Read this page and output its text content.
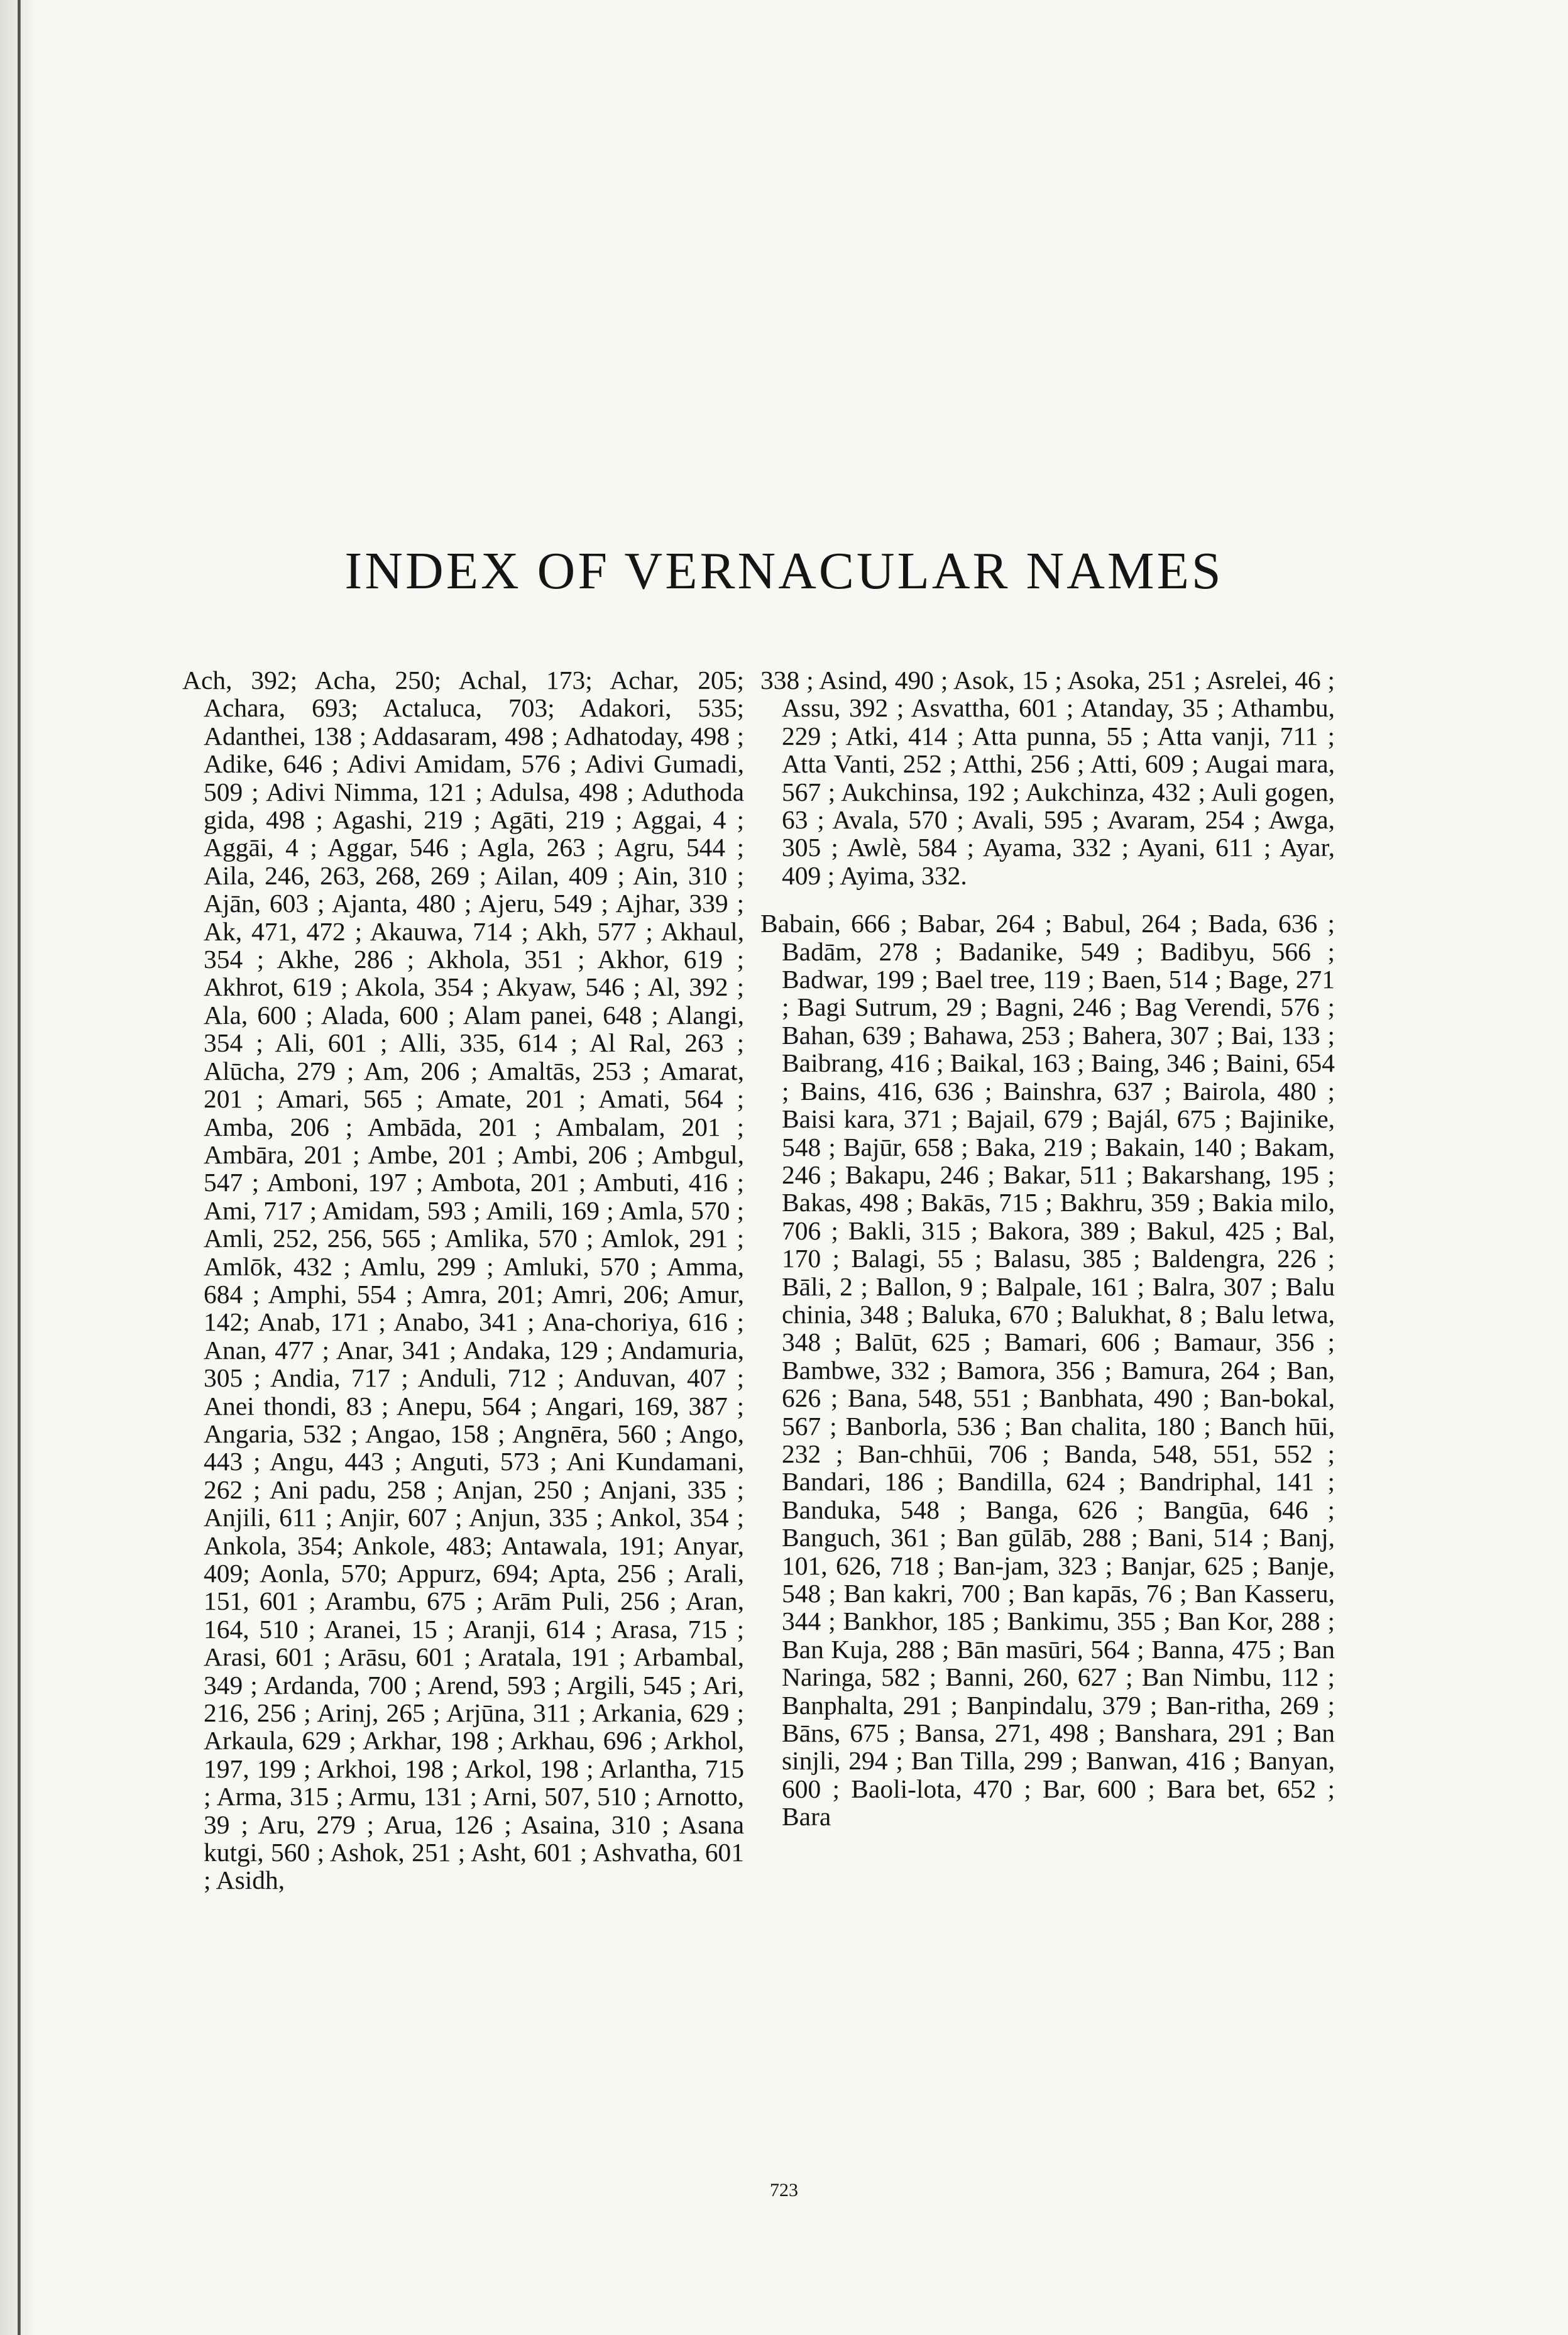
INDEX OF VERNACULAR NAMES

Ach, 392; Acha, 250; Achal, 173; Achar, 205; Achara, 693; Actaluca, 703; Adakori, 535; Adanthei, 138 ; Addasaram, 498 ; Adhatoday, 498 ; Adike, 646 ; Adivi Amidam, 576 ; Adivi Gumadi, 509 ; Adivi Nimma, 121 ; Adulsa, 498 ; Aduthoda gida, 498 ; Agashi, 219 ; Agāti, 219 ; Aggai, 4 ; Aggāi, 4 ; Aggar, 546 ; Agla, 263 ; Agru, 544 ; Aila, 246, 263, 268, 269 ; Ailan, 409 ; Ain, 310 ; Ajān, 603 ; Ajanta, 480 ; Ajeru, 549 ; Ajhar, 339 ; Ak, 471, 472 ; Akauwa, 714 ; Akh, 577 ; Akhaul, 354 ; Akhe, 286 ; Akhola, 351 ; Akhor, 619 ; Akhrot, 619 ; Akola, 354 ; Akyaw, 546 ; Al, 392 ; Ala, 600 ; Alada, 600 ; Alam panei, 648 ; Alangi, 354 ; Ali, 601 ; Alli, 335, 614 ; Al Ral, 263 ; Alūcha, 279 ; Am, 206 ; Amaltās, 253 ; Amarat, 201 ; Amari, 565 ; Amate, 201 ; Amati, 564 ; Amba, 206 ; Ambāda, 201 ; Ambalam, 201 ; Ambāra, 201 ; Ambe, 201 ; Ambi, 206 ; Ambgul, 547 ; Amboni, 197 ; Ambota, 201 ; Ambuti, 416 ; Ami, 717 ; Amidam, 593 ; Amili, 169 ; Amla, 570 ; Amli, 252, 256, 565 ; Amlika, 570 ; Amlok, 291 ; Amlōk, 432 ; Amlu, 299 ; Amluki, 570 ; Amma, 684 ; Amphi, 554 ; Amra, 201; Amri, 206; Amur, 142; Anab, 171 ; Anabo, 341 ; Ana-choriya, 616 ; Anan, 477 ; Anar, 341 ; Andaka, 129 ; Andamuria, 305 ; Andia, 717 ; Anduli, 712 ; Anduvan, 407 ; Anei thondi, 83 ; Anepu, 564 ; Angari, 169, 387 ; Angaria, 532 ; Angao, 158 ; Angnēra, 560 ; Ango, 443 ; Angu, 443 ; Anguti, 573 ; Ani Kundamani, 262 ; Ani padu, 258 ; Anjan, 250 ; Anjani, 335 ; Anjili, 611 ; Anjir, 607 ; Anjun, 335 ; Ankol, 354 ; Ankola, 354; Ankole, 483; Antawala, 191; Anyar, 409; Aonla, 570; Appurz, 694; Apta, 256 ; Arali, 151, 601 ; Arambu, 675 ; Arām Puli, 256 ; Aran, 164, 510 ; Aranei, 15 ; Aranji, 614 ; Arasa, 715 ; Arasi, 601 ; Arāsu, 601 ; Aratala, 191 ; Arbambal, 349 ; Ardanda, 700 ; Arend, 593 ; Argili, 545 ; Ari, 216, 256 ; Arinj, 265 ; Arjūna, 311 ; Arkania, 629 ; Arkaula, 629 ; Arkhar, 198 ; Arkhau, 696 ; Arkhol, 197, 199 ; Arkhoi, 198 ; Arkol, 198 ; Arlantha, 715 ; Arma, 315 ; Armu, 131 ; Arni, 507, 510 ; Arnotto, 39 ; Aru, 279 ; Arua, 126 ; Asaina, 310 ; Asana kutgi, 560 ; Ashok, 251 ; Asht, 601 ; Ashvatha, 601 ; Asidh,

338 ; Asind, 490 ; Asok, 15 ; Asoka, 251 ; Asrelei, 46 ; Assu, 392 ; Asvattha, 601 ; Atanday, 35 ; Athambu, 229 ; Atki, 414 ; Atta punna, 55 ; Atta vanji, 711 ; Atta Vanti, 252 ; Atthi, 256 ; Atti, 609 ; Augai mara, 567 ; Aukchinsa, 192 ; Aukchinza, 432 ; Auli gogen, 63 ; Avala, 570 ; Avali, 595 ; Avaram, 254 ; Awga, 305 ; Awlè, 584 ; Ayama, 332 ; Ayani, 611 ; Ayar, 409 ; Ayima, 332.

Babain, 666 ; Babar, 264 ; Babul, 264 ; Bada, 636 ; Badām, 278 ; Badanike, 549 ; Badibyu, 566 ; Badwar, 199 ; Bael tree, 119 ; Baen, 514 ; Bage, 271 ; Bagi Sutrum, 29 ; Bagni, 246 ; Bag Verendi, 576 ; Bahan, 639 ; Bahawa, 253 ; Bahera, 307 ; Bai, 133 ; Baibrang, 416 ; Baikal, 163 ; Baing, 346 ; Baini, 654 ; Bains, 416, 636 ; Bainshra, 637 ; Bairola, 480 ; Baisi kara, 371 ; Bajail, 679 ; Bajál, 675 ; Bajinike, 548 ; Bajūr, 658 ; Baka, 219 ; Bakain, 140 ; Bakam, 246 ; Bakapu, 246 ; Bakar, 511 ; Bakarshang, 195 ; Bakas, 498 ; Bakās, 715 ; Bakhru, 359 ; Bakia milo, 706 ; Bakli, 315 ; Bakora, 389 ; Bakul, 425 ; Bal, 170 ; Balagi, 55 ; Balasu, 385 ; Baldengra, 226 ; Bāli, 2 ; Ballon, 9 ; Balpale, 161 ; Balra, 307 ; Balu chinia, 348 ; Baluka, 670 ; Balukhat, 8 ; Balu letwa, 348 ; Balūt, 625 ; Bamari, 606 ; Bamaur, 356 ; Bambwe, 332 ; Bamora, 356 ; Bamura, 264 ; Ban, 626 ; Bana, 548, 551 ; Banbhata, 490 ; Ban-bokal, 567 ; Banborla, 536 ; Ban chalita, 180 ; Banch hūi, 232 ; Ban-chhūi, 706 ; Banda, 548, 551, 552 ; Bandari, 186 ; Bandilla, 624 ; Bandriphal, 141 ; Banduka, 548 ; Banga, 626 ; Bangūa, 646 ; Banguch, 361 ; Ban gūlāb, 288 ; Bani, 514 ; Banj, 101, 626, 718 ; Ban-jam, 323 ; Banjar, 625 ; Banje, 548 ; Ban kakri, 700 ; Ban kapās, 76 ; Ban Kasseru, 344 ; Bankhor, 185 ; Bankimu, 355 ; Ban Kor, 288 ; Ban Kuja, 288 ; Bān masūri, 564 ; Banna, 475 ; Ban Naringa, 582 ; Banni, 260, 627 ; Ban Nimbu, 112 ; Banphalta, 291 ; Banpindalu, 379 ; Ban-ritha, 269 ; Bāns, 675 ; Bansa, 271, 498 ; Banshara, 291 ; Ban sinjli, 294 ; Ban Tilla, 299 ; Banwan, 416 ; Banyan, 600 ; Baoli-lota, 470 ; Bar, 600 ; Bara bet, 652 ; Bara

723
